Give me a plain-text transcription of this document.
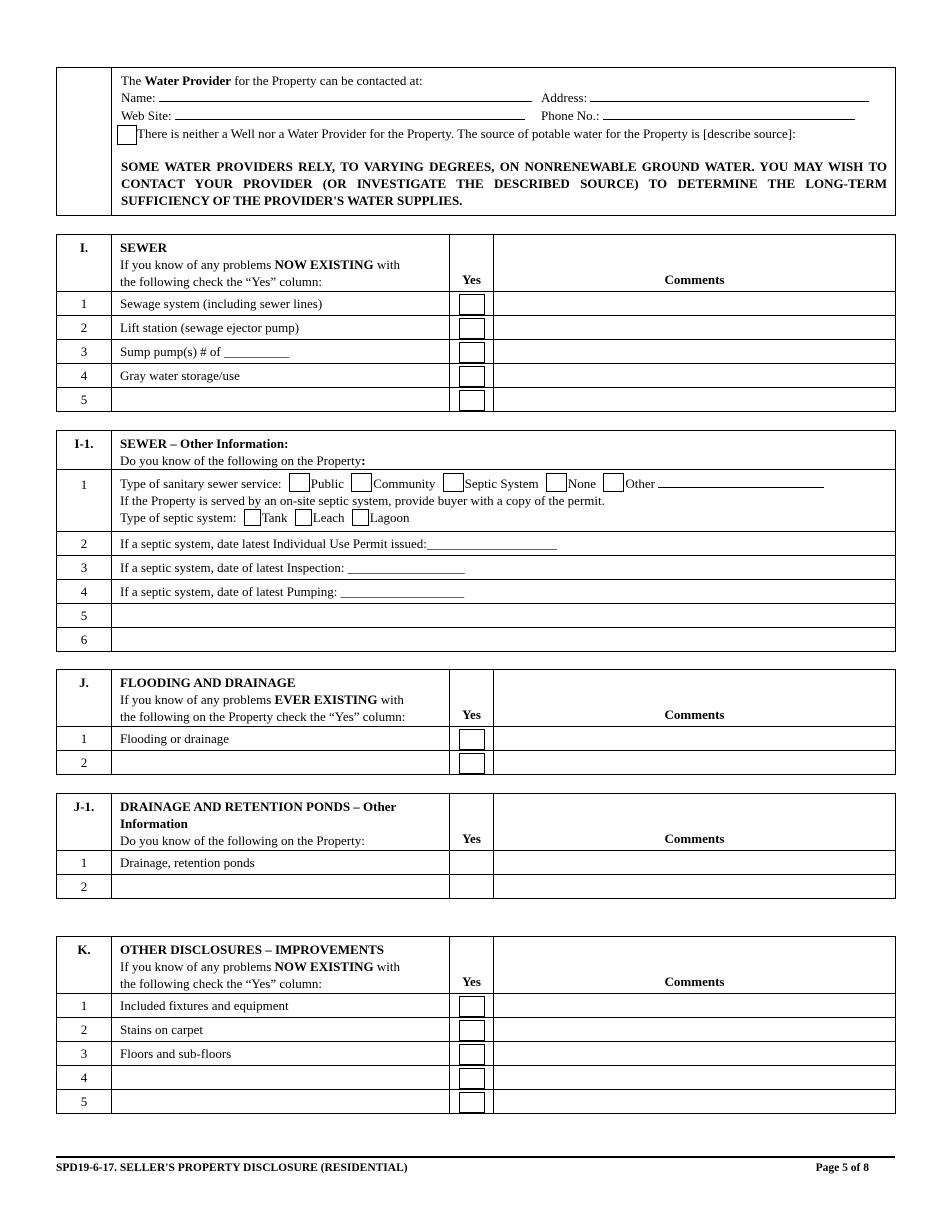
The Water Provider for the Property can be contacted at:
Name:	Address:
Web Site:	Phone No.:
There is neither a Well nor a Water Provider for the Property. The source of potable water for the Property is [describe source]:
SOME WATER PROVIDERS RELY, TO VARYING DEGREES, ON NONRENEWABLE GROUND WATER. YOU MAY WISH TO CONTACT YOUR PROVIDER (OR INVESTIGATE THE DESCRIBED SOURCE) TO DETERMINE THE LONG-TERM SUFFICIENCY OF THE PROVIDER'S WATER SUPPLIES.
I.	SEWER
If you know of any problems NOW EXISTING with
the following check the “Yes” column:	Yes	Comments
1	Sewage system (including sewer lines)	

2	Lift station (sewage ejector pump)	

3	Sump pump(s) # of __________	

4	Gray water storage/use	

5		

I-1.	SEWER – Other Information:
Do you know of the following on the Property:

1	Type of sanitary sewer service: Public Community Septic System None Other
If the Property is served by an on-site septic system, provide buyer with a copy of the permit.
Type of septic system: Tank Leach Lagoon

2	If a septic system, date latest Individual Use Permit issued:____________________
3	If a septic system, date of latest Inspection: __________________
4	If a septic system, date of latest Pumping: ___________________
5	
6	
J.	FLOODING AND DRAINAGE
If you know of any problems EVER EXISTING with
the following on the Property check the “Yes” column:	Yes	Comments
1	Flooding or drainage	

2		

J-1.	DRAINAGE AND RETENTION PONDS – Other
Information
Do you know of the following on the Property:	Yes	Comments
1	Drainage, retention ponds		
2			
K.	OTHER DISCLOSURES – IMPROVEMENTS
If you know of any problems NOW EXISTING with
the following check the “Yes” column:	Yes	Comments
1	Included fixtures and equipment	

2	Stains on carpet	

3	Floors and sub-floors	

4		

5		

SPD19-6-17. SELLER'S PROPERTY DISCLOSURE (RESIDENTIAL)	Page 5 of 8
